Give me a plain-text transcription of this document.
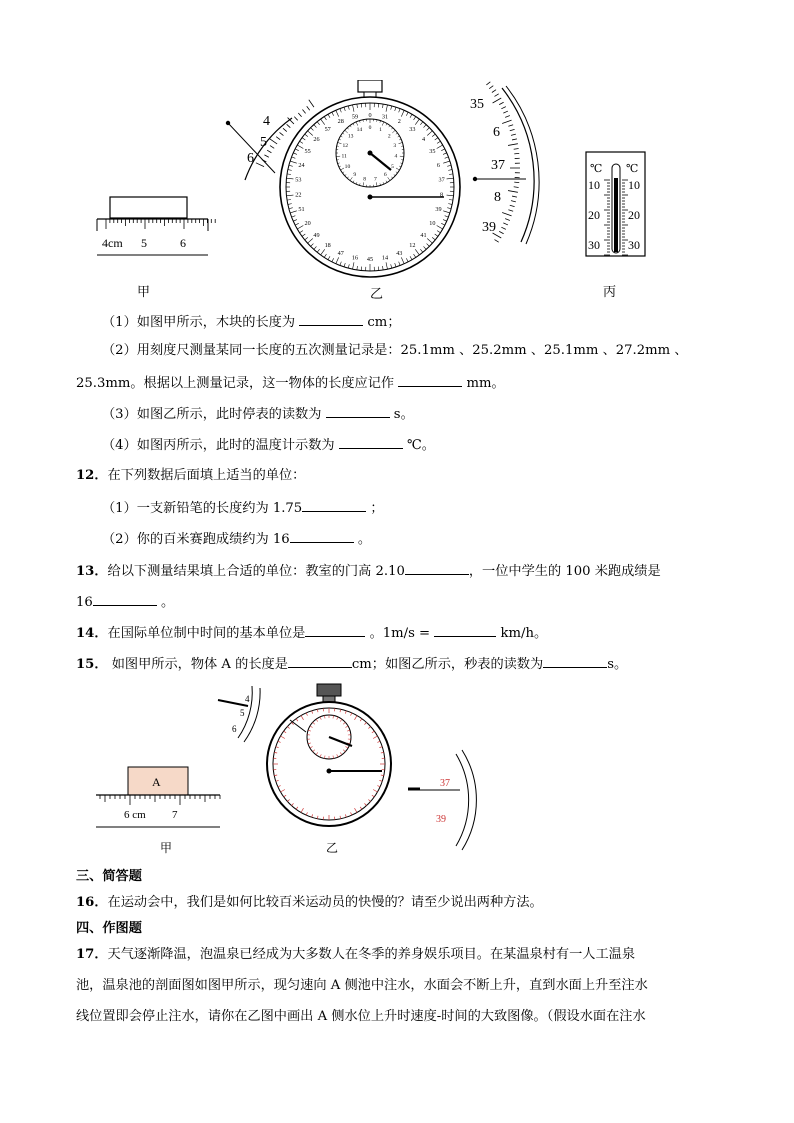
4cm 5	6
4
5
6
0 31
2
33
4
35
6
37
8
39
10
41
12
43
14
45
16
47
18
49
20
51
22
53
24
55
26
57
28
59
0 1
2
3
4
5
6
7
8
9
10
11
12
13
14
35
6
37
8
39
℃ ℃
10
20
30
10
20
30
甲	乙	丙
（1）如图甲所示，木块的长度为	cm；
（2）用刻度尺测量某同一长度的五次测量记录是：25.1mm 、25.2mm 、25.1mm 、27.2mm 、
25.3mm。根据以上测量记录，这一物体的长度应记作	mm。
（3）如图乙所示，此时停表的读数为	s。
（4）如图丙所示，此时的温度计示数为	℃。
12．在下列数据后面填上适当的单位：
（1）一支新铅笔的长度约为 1.75	；
（2）你的百米赛跑成绩约为 16	。
13．给以下测量结果填上合适的单位：教室的门高 2.10	，一位中学生的 100 米跑成绩是
16	。
14．在国际单位制中时间的基本单位是	。1m/s =	km/h。
15． 如图甲所示，物体 A 的长度是	cm；如图乙所示，秒表的读数为	s。
A
6 cm 7
4
5
6
37
39
甲	乙
三、简答题
16．在运动会中，我们是如何比较百米运动员的快慢的？请至少说出两种方法。
四、作图题
17．天气逐渐降温，泡温泉已经成为大多数人在冬季的养身娱乐项目。在某温泉村有一人工温泉
池，温泉池的剖面图如图甲所示，现匀速向 A 侧池中注水，水面会不断上升，直到水面上升至注水
线位置即会停止注水，请你在乙图中画出 A 侧水位上升时速度-时间的大致图像。（假设水面在注水
